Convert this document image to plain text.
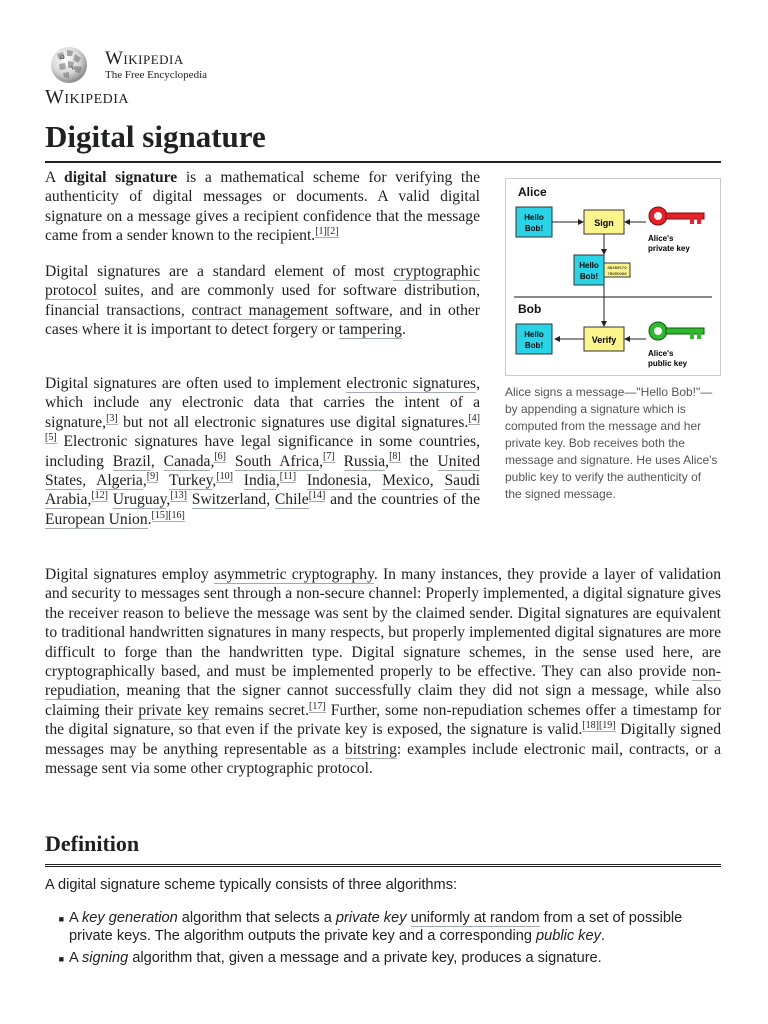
Ω
W Wikipedia
The Free Encyclopedia
Wikipedia
Digital signature

A digital signature is a mathematical scheme for verifying the authenticity of digital messages or documents. A valid digital signature on a message gives a recipient confidence that the message came from a sender known to the recipient.[1][2]

Digital signatures are a standard element of most cryptographic protocol suites, and are commonly used for software distribution, financial transactions, contract management software, and in other cases where it is important to detect forgery or tampering.

Digital signatures are often used to implement electronic signatures, which include any electronic data that carries the intent of a signature,[3] but not all electronic signatures use digital signatures.[4][5] Electronic signatures have legal significance in some countries, including Brazil, Canada,[6] South Africa,[7] Russia,[8] the United States, Algeria,[9] Turkey,[10] India,[11] Indonesia, Mexico, Saudi Arabia,[12] Uruguay,[13] Switzerland, Chile[14] and the countries of the European Union.[15][16]

Alice
Hello
Bob!
Sign
Alice's
private key
Hello
Bob!
8B4B0579
7B9DD968
Bob
Hello
Bob!
Verify
Alice's
public key
Alice signs a message—"Hello Bob!"—by appending a signature which is computed from the message and her private key. Bob receives both the message and signature. He uses Alice's public key to verify the authenticity of the signed message.

Digital signatures employ asymmetric cryptography. In many instances, they provide a layer of validation and security to messages sent through a non-secure channel: Properly implemented, a digital signature gives the receiver reason to believe the message was sent by the claimed sender. Digital signatures are equivalent to traditional handwritten signatures in many respects, but properly implemented digital signatures are more difficult to forge than the handwritten type. Digital signature schemes, in the sense used here, are cryptographically based, and must be implemented properly to be effective. They can also provide non-repudiation, meaning that the signer cannot successfully claim they did not sign a message, while also claiming their private key remains secret.[17] Further, some non-repudiation schemes offer a timestamp for the digital signature, so that even if the private key is exposed, the signature is valid.[18][19] Digitally signed messages may be anything representable as a bitstring: examples include electronic mail, contracts, or a message sent via some other cryptographic protocol.

Definition
A digital signature scheme typically consists of three algorithms:
• A key generation algorithm that selects a private key uniformly at random from a set of possible private keys. The algorithm outputs the private key and a corresponding public key.
• A signing algorithm that, given a message and a private key, produces a signature.
